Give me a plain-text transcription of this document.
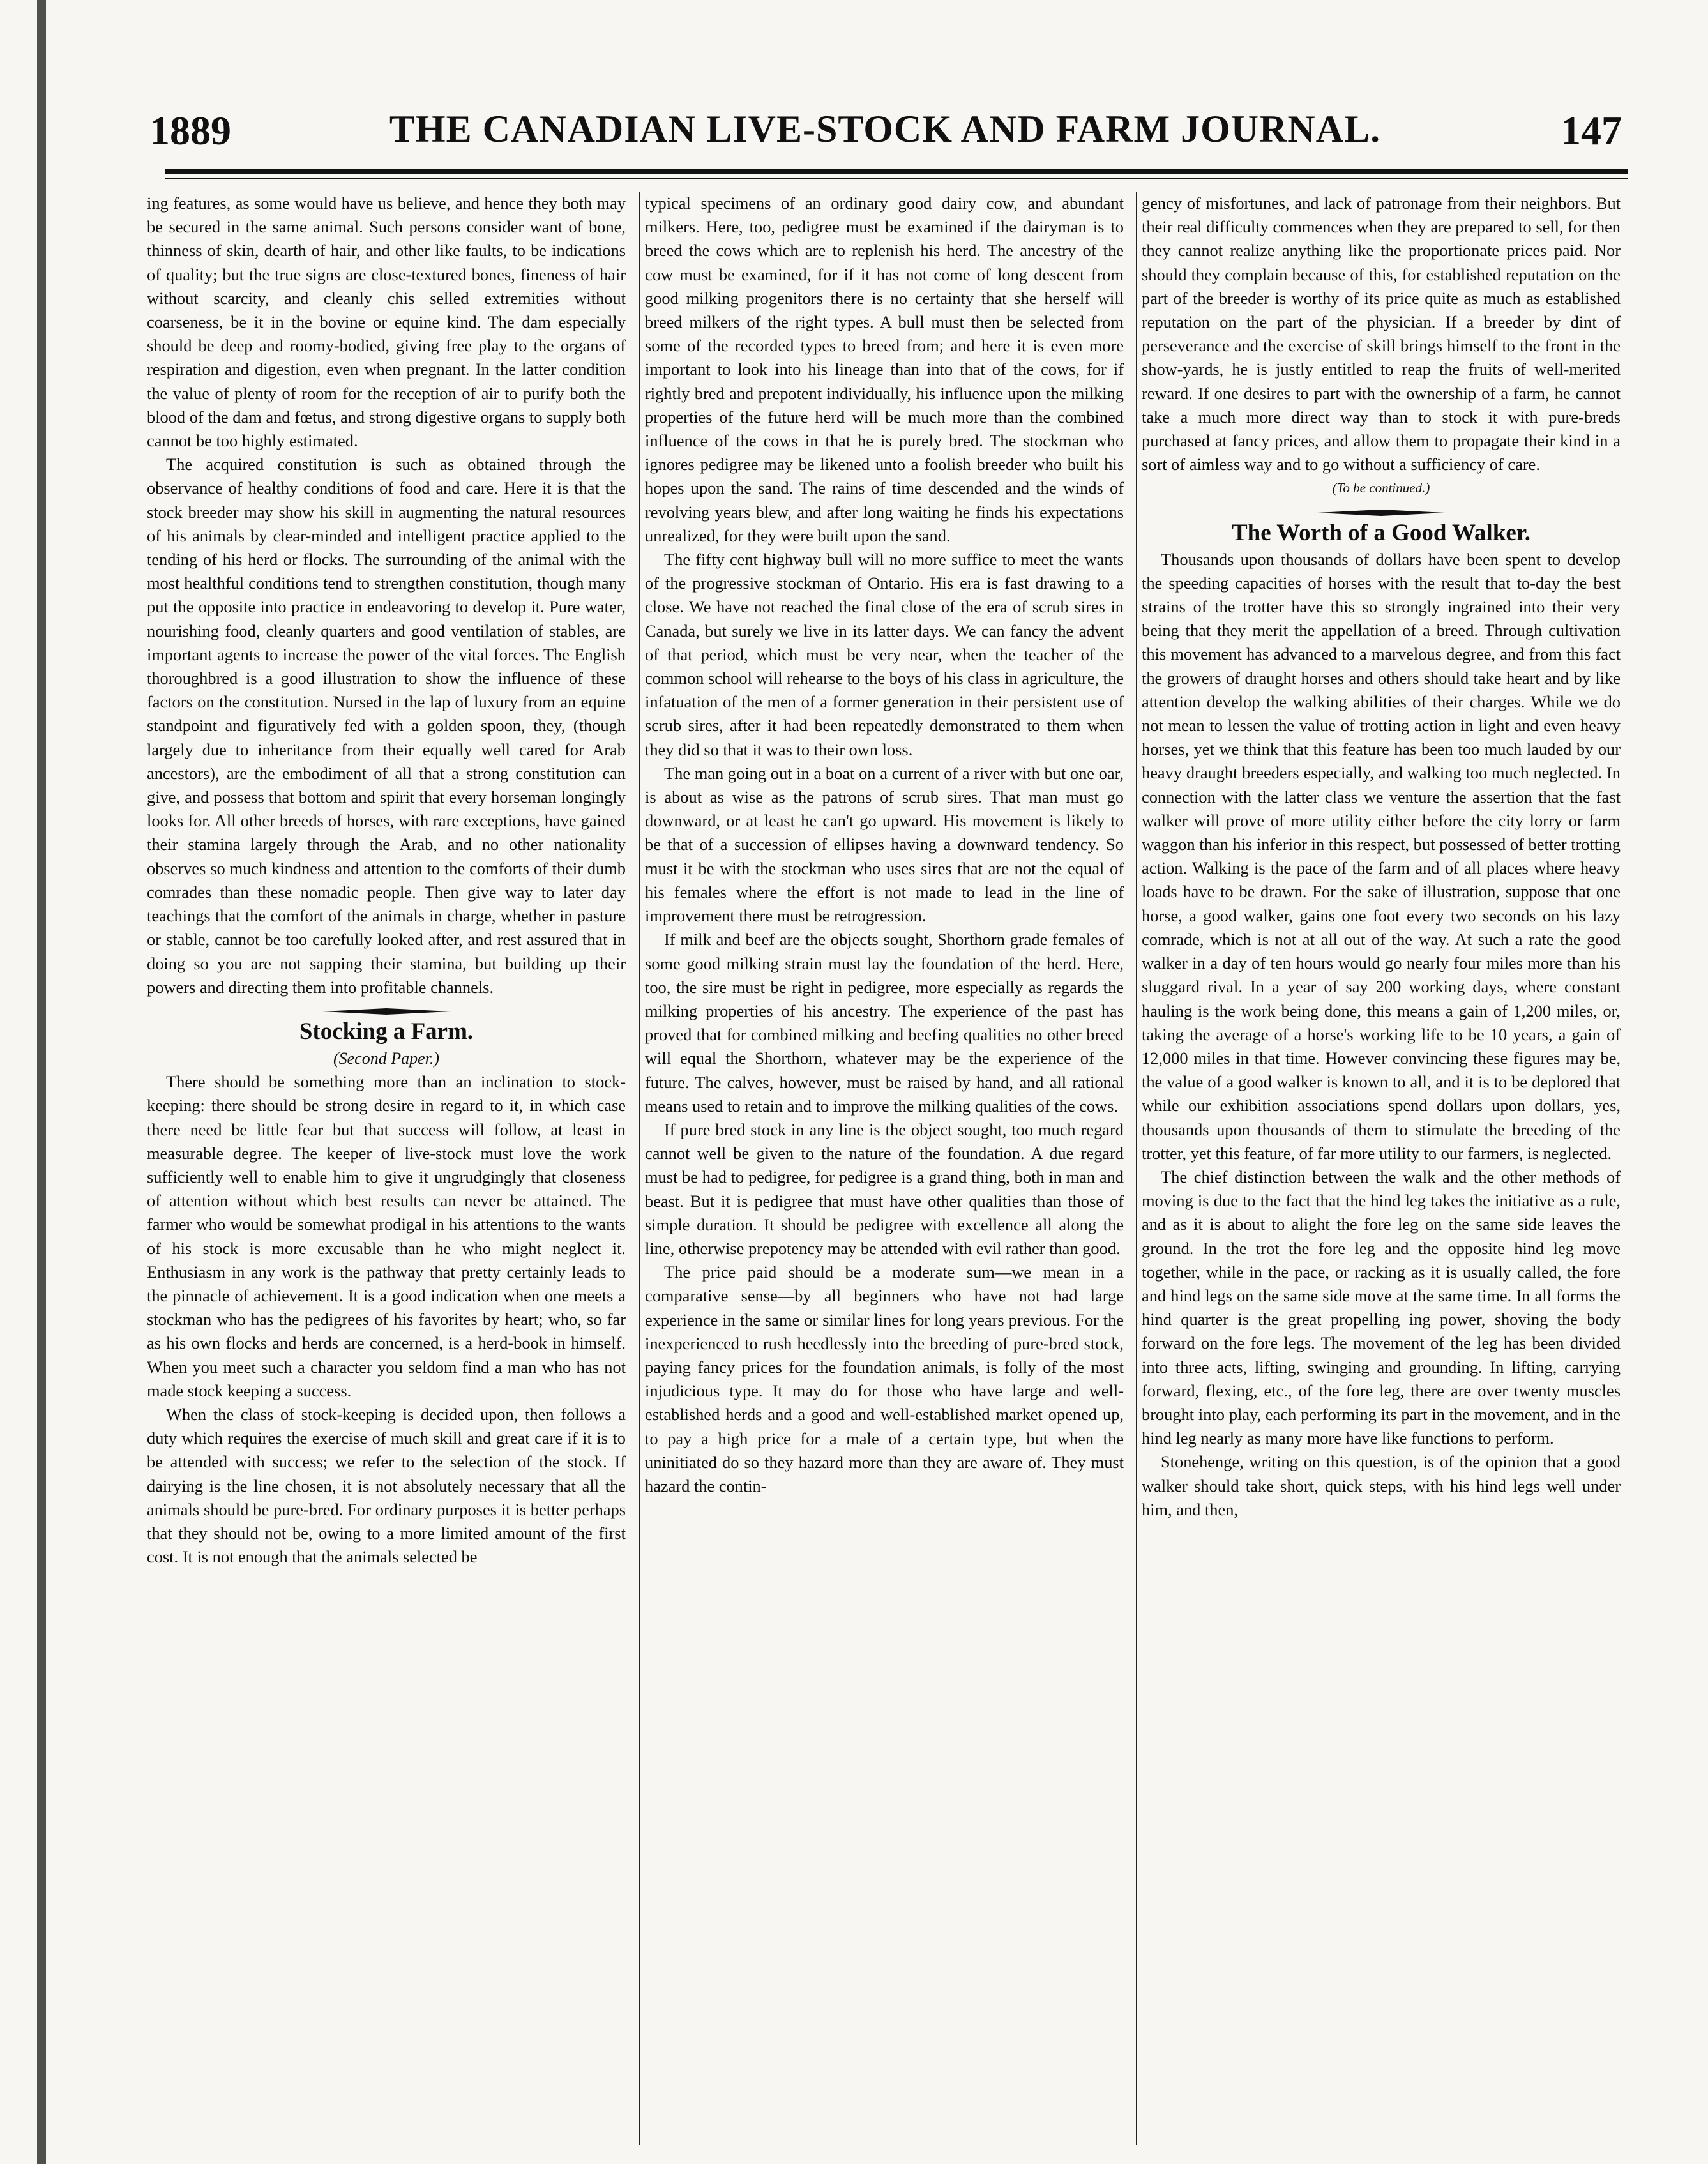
1889	THE CANADIAN LIVE-STOCK AND FARM JOURNAL.	147

ing features, as some would have us believe, and hence they both may be secured in the same animal. Such persons consider want of bone, thinness of skin, dearth of hair, and other like faults, to be indications of quality; but the true signs are close-textured bones, fineness of hair without scarcity, and cleanly chis selled extremities without coarseness, be it in the bovine or equine kind. The dam especially should be deep and roomy-bodied, giving free play to the organs of respiration and digestion, even when pregnant. In the latter condition the value of plenty of room for the reception of air to purify both the blood of the dam and fœtus, and strong digestive organs to supply both cannot be too highly estimated.

The acquired constitution is such as obtained through the observance of healthy conditions of food and care. Here it is that the stock breeder may show his skill in augmenting the natural resources of his animals by clear-minded and intelligent practice applied to the tending of his herd or flocks. The surrounding of the animal with the most healthful conditions tend to strengthen constitution, though many put the opposite into practice in endeavoring to develop it. Pure water, nourishing food, cleanly quarters and good ventilation of stables, are important agents to increase the power of the vital forces. The English thoroughbred is a good illustration to show the influence of these factors on the constitution. Nursed in the lap of luxury from an equine standpoint and figuratively fed with a golden spoon, they, (though largely due to inheritance from their equally well cared for Arab ancestors), are the embodiment of all that a strong constitution can give, and possess that bottom and spirit that every horseman longingly looks for. All other breeds of horses, with rare exceptions, have gained their stamina largely through the Arab, and no other nationality observes so much kindness and attention to the comforts of their dumb comrades than these nomadic people. Then give way to later day teachings that the comfort of the animals in charge, whether in pasture or stable, cannot be too carefully looked after, and rest assured that in doing so you are not sapping their stamina, but building up their powers and directing them into profitable channels.

Stocking a Farm.
(Second Paper.)

There should be something more than an inclination to stock-keeping: there should be strong desire in regard to it, in which case there need be little fear but that success will follow, at least in measurable degree. The keeper of live-stock must love the work sufficiently well to enable him to give it ungrudgingly that closeness of attention without which best results can never be attained. The farmer who would be somewhat prodigal in his attentions to the wants of his stock is more excusable than he who might neglect it. Enthusiasm in any work is the pathway that pretty certainly leads to the pinnacle of achievement. It is a good indication when one meets a stockman who has the pedigrees of his favorites by heart; who, so far as his own flocks and herds are concerned, is a herd-book in himself. When you meet such a character you seldom find a man who has not made stock keeping a success.

When the class of stock-keeping is decided upon, then follows a duty which requires the exercise of much skill and great care if it is to be attended with success; we refer to the selection of the stock. If dairying is the line chosen, it is not absolutely necessary that all the animals should be pure-bred. For ordinary purposes it is better perhaps that they should not be, owing to a more limited amount of the first cost. It is not enough that the animals selected be

typical specimens of an ordinary good dairy cow, and abundant milkers. Here, too, pedigree must be examined if the dairyman is to breed the cows which are to replenish his herd. The ancestry of the cow must be examined, for if it has not come of long descent from good milking progenitors there is no certainty that she herself will breed milkers of the right types. A bull must then be selected from some of the recorded types to breed from; and here it is even more important to look into his lineage than into that of the cows, for if rightly bred and prepotent individually, his influence upon the milking properties of the future herd will be much more than the combined influence of the cows in that he is purely bred. The stockman who ignores pedigree may be likened unto a foolish breeder who built his hopes upon the sand. The rains of time descended and the winds of revolving years blew, and after long waiting he finds his expectations unrealized, for they were built upon the sand.

The fifty cent highway bull will no more suffice to meet the wants of the progressive stockman of Ontario. His era is fast drawing to a close. We have not reached the final close of the era of scrub sires in Canada, but surely we live in its latter days. We can fancy the advent of that period, which must be very near, when the teacher of the common school will rehearse to the boys of his class in agriculture, the infatuation of the men of a former generation in their persistent use of scrub sires, after it had been repeatedly demonstrated to them when they did so that it was to their own loss.

The man going out in a boat on a current of a river with but one oar, is about as wise as the patrons of scrub sires. That man must go downward, or at least he can't go upward. His movement is likely to be that of a succession of ellipses having a downward tendency. So must it be with the stockman who uses sires that are not the equal of his females where the effort is not made to lead in the line of improvement there must be retrogression.

If milk and beef are the objects sought, Shorthorn grade females of some good milking strain must lay the foundation of the herd. Here, too, the sire must be right in pedigree, more especially as regards the milking properties of his ancestry. The experience of the past has proved that for combined milking and beefing qualities no other breed will equal the Shorthorn, whatever may be the experience of the future. The calves, however, must be raised by hand, and all rational means used to retain and to improve the milking qualities of the cows.

If pure bred stock in any line is the object sought, too much regard cannot well be given to the nature of the foundation. A due regard must be had to pedigree, for pedigree is a grand thing, both in man and beast. But it is pedigree that must have other qualities than those of simple duration. It should be pedigree with excellence all along the line, otherwise prepotency may be attended with evil rather than good.

The price paid should be a moderate sum—we mean in a comparative sense—by all beginners who have not had large experience in the same or similar lines for long years previous. For the inexperienced to rush heedlessly into the breeding of pure-bred stock, paying fancy prices for the foundation animals, is folly of the most injudicious type. It may do for those who have large and well-established herds and a good and well-established market opened up, to pay a high price for a male of a certain type, but when the uninitiated do so they hazard more than they are aware of. They must hazard the contin-

gency of misfortunes, and lack of patronage from their neighbors. But their real difficulty commences when they are prepared to sell, for then they cannot realize anything like the proportionate prices paid. Nor should they complain because of this, for established reputation on the part of the breeder is worthy of its price quite as much as established reputation on the part of the physician. If a breeder by dint of perseverance and the exercise of skill brings himself to the front in the show-yards, he is justly entitled to reap the fruits of well-merited reward. If one desires to part with the ownership of a farm, he cannot take a much more direct way than to stock it with pure-breds purchased at fancy prices, and allow them to propagate their kind in a sort of aimless way and to go without a sufficiency of care.

(To be continued.)
The Worth of a Good Walker.

Thousands upon thousands of dollars have been spent to develop the speeding capacities of horses with the result that to-day the best strains of the trotter have this so strongly ingrained into their very being that they merit the appellation of a breed. Through cultivation this movement has advanced to a marvelous degree, and from this fact the growers of draught horses and others should take heart and by like attention develop the walking abilities of their charges. While we do not mean to lessen the value of trotting action in light and even heavy horses, yet we think that this feature has been too much lauded by our heavy draught breeders especially, and walking too much neglected. In connection with the latter class we venture the assertion that the fast walker will prove of more utility either before the city lorry or farm waggon than his inferior in this respect, but possessed of better trotting action. Walking is the pace of the farm and of all places where heavy loads have to be drawn. For the sake of illustration, suppose that one horse, a good walker, gains one foot every two seconds on his lazy comrade, which is not at all out of the way. At such a rate the good walker in a day of ten hours would go nearly four miles more than his sluggard rival. In a year of say 200 working days, where constant hauling is the work being done, this means a gain of 1,200 miles, or, taking the average of a horse's working life to be 10 years, a gain of 12,000 miles in that time. However convincing these figures may be, the value of a good walker is known to all, and it is to be deplored that while our exhibition associations spend dollars upon dollars, yes, thousands upon thousands of them to stimulate the breeding of the trotter, yet this feature, of far more utility to our farmers, is neglected.

The chief distinction between the walk and the other methods of moving is due to the fact that the hind leg takes the initiative as a rule, and as it is about to alight the fore leg on the same side leaves the ground. In the trot the fore leg and the opposite hind leg move together, while in the pace, or racking as it is usually called, the fore and hind legs on the same side move at the same time. In all forms the hind quarter is the great propelling ing power, shoving the body forward on the fore legs. The movement of the leg has been divided into three acts, lifting, swinging and grounding. In lifting, carrying forward, flexing, etc., of the fore leg, there are over twenty muscles brought into play, each performing its part in the movement, and in the hind leg nearly as many more have like functions to perform.

Stonehenge, writing on this question, is of the opinion that a good walker should take short, quick steps, with his hind legs well under him, and then,
